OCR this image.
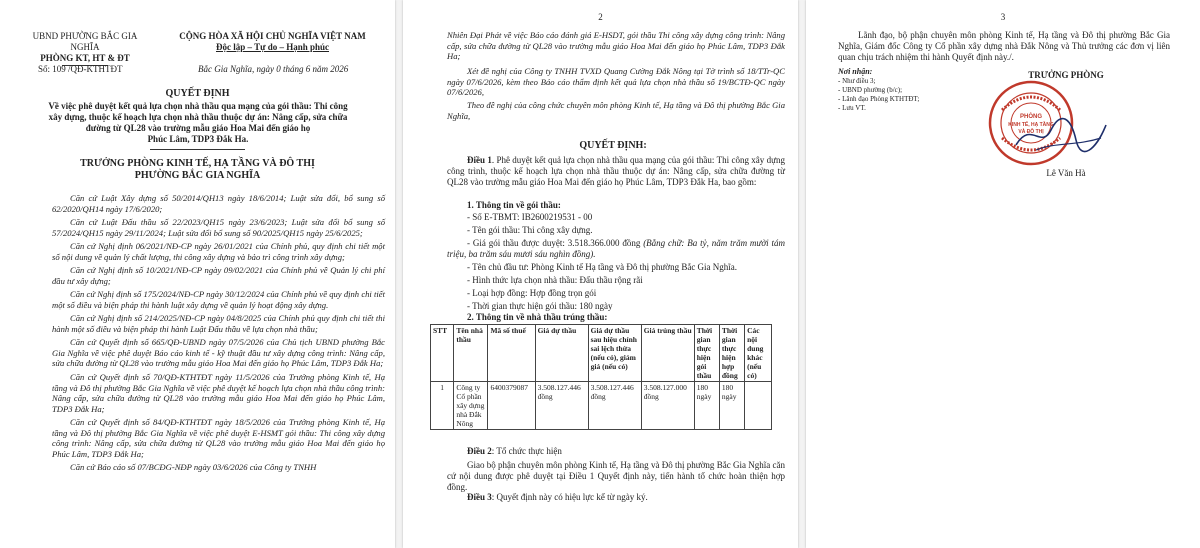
UBND PHƯỜNG BẮC GIA NGHĨA
PHÒNG KT, HT & ĐT
CỘNG HÒA XÃ HỘI CHỦ NGHĨA VIỆT NAM
Độc lập – Tự do – Hạnh phúc
Số: 109 /QĐ-KTHTĐT	Bắc Gia Nghĩa, ngày 0 tháng 6 năm 2026
QUYẾT ĐỊNH
Về việc phê duyệt kết quả lựa chọn nhà thầu qua mạng của gói thầu: Thi công
xây dựng, thuộc kế hoạch lựa chọn nhà thầu thuộc dự án: Nâng cấp, sửa chữa
đường từ QL28 vào trường mẫu giáo Hoa Mai đến giáo họ
Phúc Lâm, TDP3 Đắk Ha.
TRƯỞNG PHÒNG KINH TẾ, HẠ TẦNG VÀ ĐÔ THỊ
PHƯỜNG BẮC GIA NGHĨA
Căn cứ Luật Xây dựng số 50/2014/QH13 ngày 18/6/2014; Luật sửa đổi, bổ sung số 62/2020/QH14 ngày 17/6/2020;
Căn cứ Luật Đấu thầu số 22/2023/QH15 ngày 23/6/2023; Luật sửa đổi bổ sung số 57/2024/QH15 ngày 29/11/2024; Luật sửa đổi bổ sung số 90/2025/QH15 ngày 25/6/2025;
Căn cứ Nghị định 06/2021/NĐ-CP ngày 26/01/2021 của Chính phủ, quy định chi tiết một số nội dung về quản lý chất lượng, thi công xây dựng và bảo trì công trình xây dựng;
Căn cứ Nghị định số 10/2021/NĐ-CP ngày 09/02/2021 của Chính phủ về Quản lý chi phí đầu tư xây dựng;
Căn cứ Nghị định số 175/2024/NĐ-CP ngày 30/12/2024 của Chính phủ về quy định chi tiết một số điều và biện pháp thi hành luật xây dựng về quản lý hoạt động xây dựng.
Căn cứ Nghị định số 214/2025/NĐ-CP ngày 04/8/2025 của Chính phủ quy định chi tiết thi hành một số điều và biện pháp thi hành Luật Đấu thầu về lựa chọn nhà thầu;
Căn cứ Quyết định số 665/QĐ-UBND ngày 07/5/2026 của Chủ tịch UBND phường Bắc Gia Nghĩa về việc phê duyệt Báo cáo kinh tế - kỹ thuật đầu tư xây dựng công trình: Nâng cấp, sửa chữa đường từ QL28 vào trường mẫu giáo Hoa Mai đến giáo họ Phúc Lâm, TDP3 Đắk Ha;
Căn cứ Quyết định số 70/QĐ-KTHTĐT ngày 11/5/2026 của Trưởng phòng Kinh tế, Hạ tầng và Đô thị phường Bắc Gia Nghĩa về việc phê duyệt kế hoạch lựa chọn nhà thầu công trình: Nâng cấp, sửa chữa đường từ QL28 vào trường mẫu giáo Hoa Mai đến giáo họ Phúc Lâm, TDP3 Đắk Ha;
Căn cứ Quyết định số 84/QĐ-KTHTĐT ngày 18/5/2026 của Trưởng phòng Kinh tế, Hạ tầng và Đô thị phường Bắc Gia Nghĩa về việc phê duyệt E-HSMT gói thầu: Thi công xây dựng công trình: Nâng cấp, sửa chữa đường từ QL28 vào trường mẫu giáo Hoa Mai đến giáo họ Phúc Lâm, TDP3 Đắk Ha;
Căn cứ Báo cáo số 07/BCĐG-NĐP ngày 03/6/2026 của Công ty TNHH
2
Nhiên Đại Phát về việc Báo cáo đánh giá E-HSDT, gói thầu Thi công xây dựng công trình: Nâng cấp, sửa chữa đường từ QL28 vào trường mẫu giáo Hoa Mai đến giáo họ Phúc Lâm, TDP3 Đắk Ha;
Xét đề nghị của Công ty TNHH TVXD Quang Cường Đắk Nông tại Tờ trình số 18/TTr-QC ngày 07/6/2026, kèm theo Báo cáo thẩm định kết quả lựa chọn nhà thầu số 19/BCTĐ-QC ngày 07/6/2026,
Theo đề nghị của công chức chuyên môn phòng Kinh tế, Hạ tầng và Đô thị phường Bắc Gia Nghĩa,
QUYẾT ĐỊNH:
Điều 1. Phê duyệt kết quả lựa chọn nhà thầu qua mạng của gói thầu: Thi công xây dựng công trình, thuộc kế hoạch lựa chọn nhà thầu thuộc dự án: Nâng cấp, sửa chữa đường từ QL28 vào trường mẫu giáo Hoa Mai đến giáo họ Phúc Lâm, TDP3 Đắk Ha, bao gồm:
1. Thông tin về gói thầu:
- Số E-TBMT: IB2600219531 - 00
- Tên gói thầu: Thi công xây dựng.
- Giá gói thầu được duyệt: 3.518.366.000 đồng (Bằng chữ: Ba tỷ, năm trăm mười tám triệu, ba trăm sáu mươi sáu nghìn đồng).
- Tên chủ đầu tư: Phòng Kinh tế Hạ tầng và Đô thị phường Bắc Gia Nghĩa.
- Hình thức lựa chọn nhà thầu: Đấu thầu rộng rãi
- Loại hợp đồng: Hợp đồng trọn gói
- Thời gian thực hiện gói thầu: 180 ngày
2. Thông tin về nhà thầu trúng thầu:
STT	Tên nhà thầu	Mã số thuế	Giá dự thầu	Giá dự thầu sau hiệu chỉnh sai lệch thừa (nếu có), giảm giá (nếu có)	Giá trúng thầu	Thời gian thực hiện gói thầu	Thời gian thực hiện hợp đồng	Các nội dung khác (nếu có)
1	Công ty Cổ phần xây dựng nhà Đắk Nông	6400379087	3.508.127.446 đồng	3.508.127.446 đồng	3.508.127.000 đồng	180 ngày	180 ngày	
Điều 2: Tổ chức thực hiện
Giao bộ phận chuyên môn phòng Kinh tế, Hạ tầng và Đô thị phường Bắc Gia Nghĩa căn cứ nội dung được phê duyệt tại Điều 1 Quyết định này, tiến hành tổ chức hoàn thiện hợp đồng.
Điều 3: Quyết định này có hiệu lực kể từ ngày ký.
3
Lãnh đạo, bộ phận chuyên môn phòng Kinh tế, Hạ tầng và Đô thị phường Bắc Gia Nghĩa, Giám đốc Công ty Cổ phần xây dựng nhà Đắk Nông và Thủ trưởng các đơn vị liên quan chịu trách nhiệm thi hành Quyết định này./.
Nơi nhận:
- Như điều 3;
- UBND phường (b/c);
- Lãnh đạo Phòng KTHTĐT;
- Lưu VT.
TRƯỞNG PHÒNG
PHÒNG
KINH TẾ, HẠ TẦNG
VÀ ĐÔ THỊ
Lê Văn Hà
